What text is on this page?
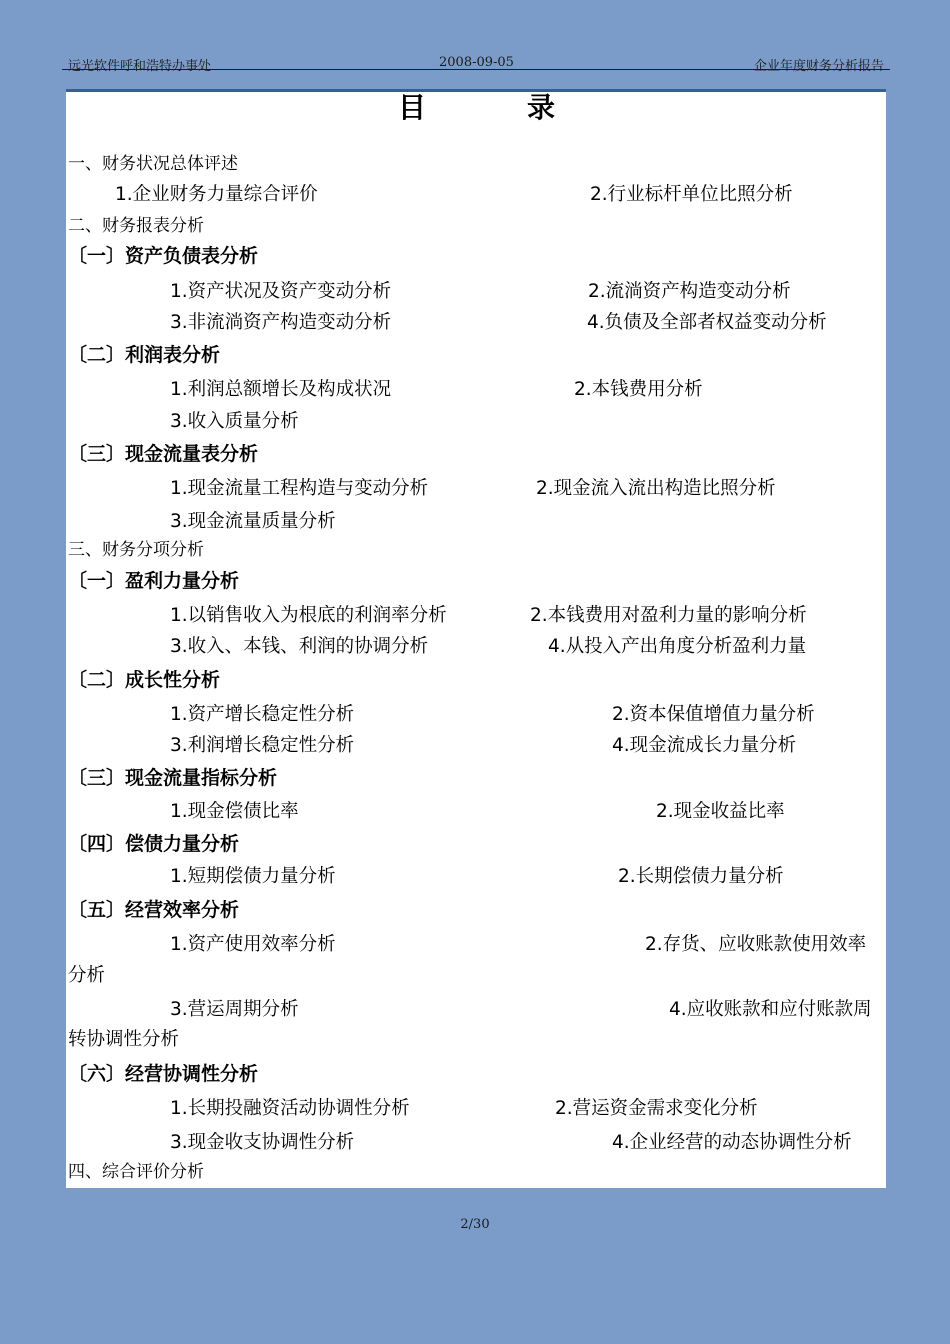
远光软件呼和浩特办事处	2008-09-05	企业年度财务分析报告
目	录
一、财务状况总体评述
1.企业财务力量综合评价	2.行业标杆单位比照分析
二、财务报表分析
〔一〕资产负债表分析
1.资产状况及资产变动分析	2.流淌资产构造变动分析
3.非流淌资产构造变动分析	4.负债及全部者权益变动分析
〔二〕利润表分析
1.利润总额增长及构成状况	2.本钱费用分析
3.收入质量分析
〔三〕现金流量表分析
1.现金流量工程构造与变动分析	2.现金流入流出构造比照分析
3.现金流量质量分析
三、财务分项分析
〔一〕盈利力量分析
1.以销售收入为根底的利润率分析	2.本钱费用对盈利力量的影响分析
3.收入、本钱、利润的协调分析	4.从投入产出角度分析盈利力量
〔二〕成长性分析
1.资产增长稳定性分析	2.资本保值增值力量分析
3.利润增长稳定性分析	4.现金流成长力量分析
〔三〕现金流量指标分析
1.现金偿债比率	2.现金收益比率
〔四〕偿债力量分析
1.短期偿债力量分析	2.长期偿债力量分析
〔五〕经营效率分析
1.资产使用效率分析	2.存货、应收账款使用效率
分析
3.营运周期分析	4.应收账款和应付账款周
转协调性分析
〔六〕经营协调性分析
1.长期投融资活动协调性分析	2.营运资金需求变化分析
3.现金收支协调性分析	4.企业经营的动态协调性分析
四、综合评价分析
2/30
